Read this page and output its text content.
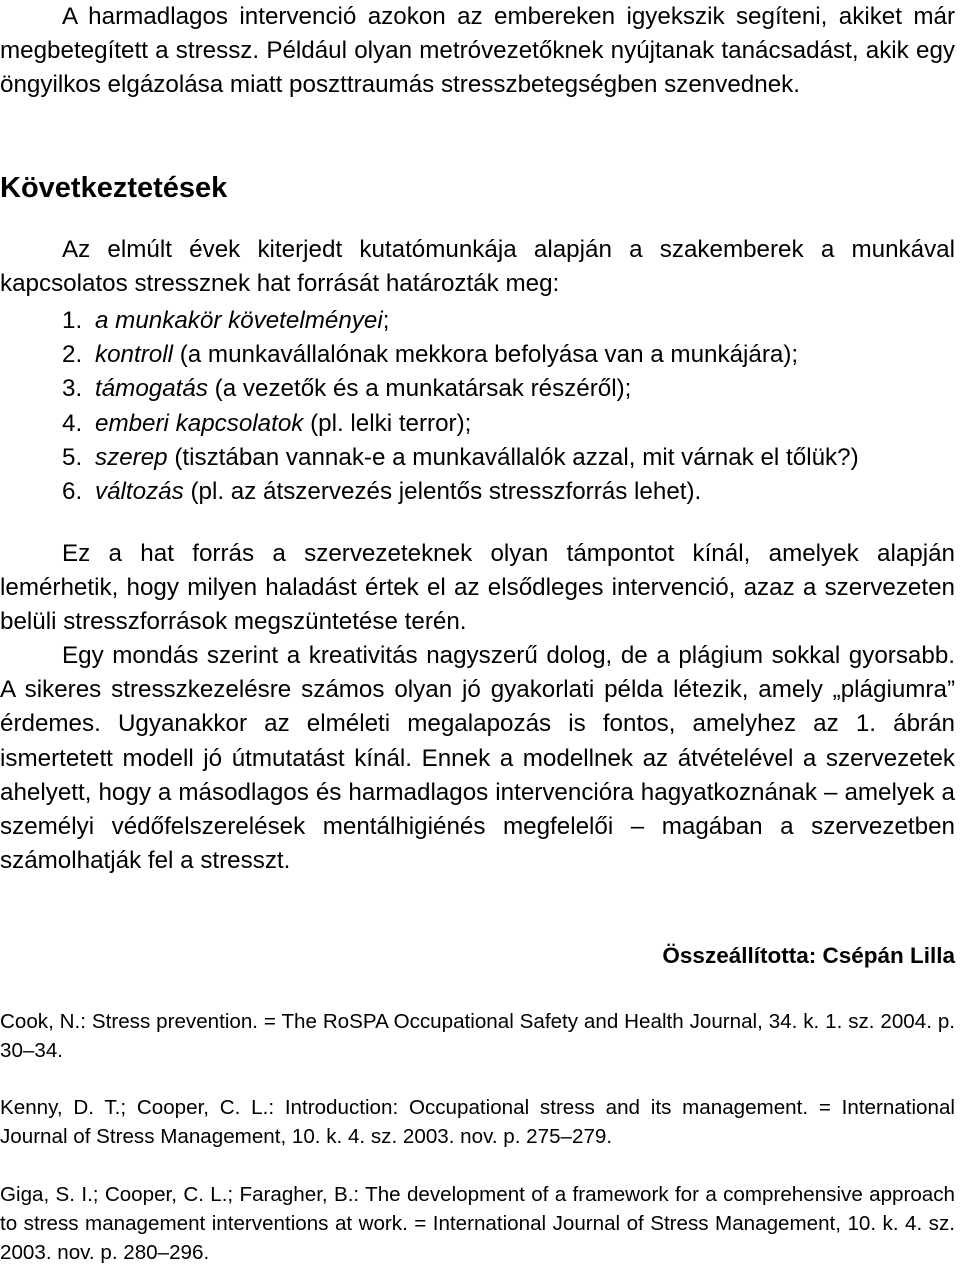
A harmadlagos intervenció azokon az embereken igyekszik segíteni, akiket már megbetegített a stressz. Például olyan metróvezetőknek nyújtanak tanácsadást, akik egy öngyilkos elgázolása miatt poszttraumás stresszbetegségben szenvednek.

Következtetések

Az elmúlt évek kiterjedt kutatómunkája alapján a szakemberek a munkával kapcsolatos stressznek hat forrását határozták meg:

1. a munkakör követelményei;
2. kontroll (a munkavállalónak mekkora befolyása van a munkájára);
3. támogatás (a vezetők és a munkatársak részéről);
4. emberi kapcsolatok (pl. lelki terror);
5. szerep (tisztában vannak-e a munkavállalók azzal, mit várnak el tőlük?)
6. változás (pl. az átszervezés jelentős stresszforrás lehet).

Ez a hat forrás a szervezeteknek olyan támpontot kínál, amelyek alapján lemérhetik, hogy milyen haladást értek el az elsődleges intervenció, azaz a szervezeten belüli stresszforrások megszüntetése terén.

Egy mondás szerint a kreativitás nagyszerű dolog, de a plágium sokkal gyorsabb. A sikeres stresszkezelésre számos olyan jó gyakorlati példa létezik, amely „plágiumra” érdemes. Ugyanakkor az elméleti megalapozás is fontos, amelyhez az 1. ábrán ismertetett modell jó útmutatást kínál. Ennek a modellnek az átvételével a szervezetek ahelyett, hogy a másodlagos és harmadlagos intervencióra hagyatkoznának – amelyek a személyi védőfelszerelések mentálhigiénés megfelelői – magában a szervezetben számolhatják fel a stresszt.

Összeállította: Csépán Lilla

Cook, N.: Stress prevention. = The RoSPA Occupational Safety and Health Journal, 34. k. 1. sz. 2004. p. 30–34.

Kenny, D. T.; Cooper, C. L.: Introduction: Occupational stress and its management. = International Journal of Stress Management, 10. k. 4. sz. 2003. nov. p. 275–279.

Giga, S. I.; Cooper, C. L.; Faragher, B.: The development of a framework for a comprehensive approach to stress management interventions at work. = International Journal of Stress Management, 10. k. 4. sz. 2003. nov. p. 280–296.
